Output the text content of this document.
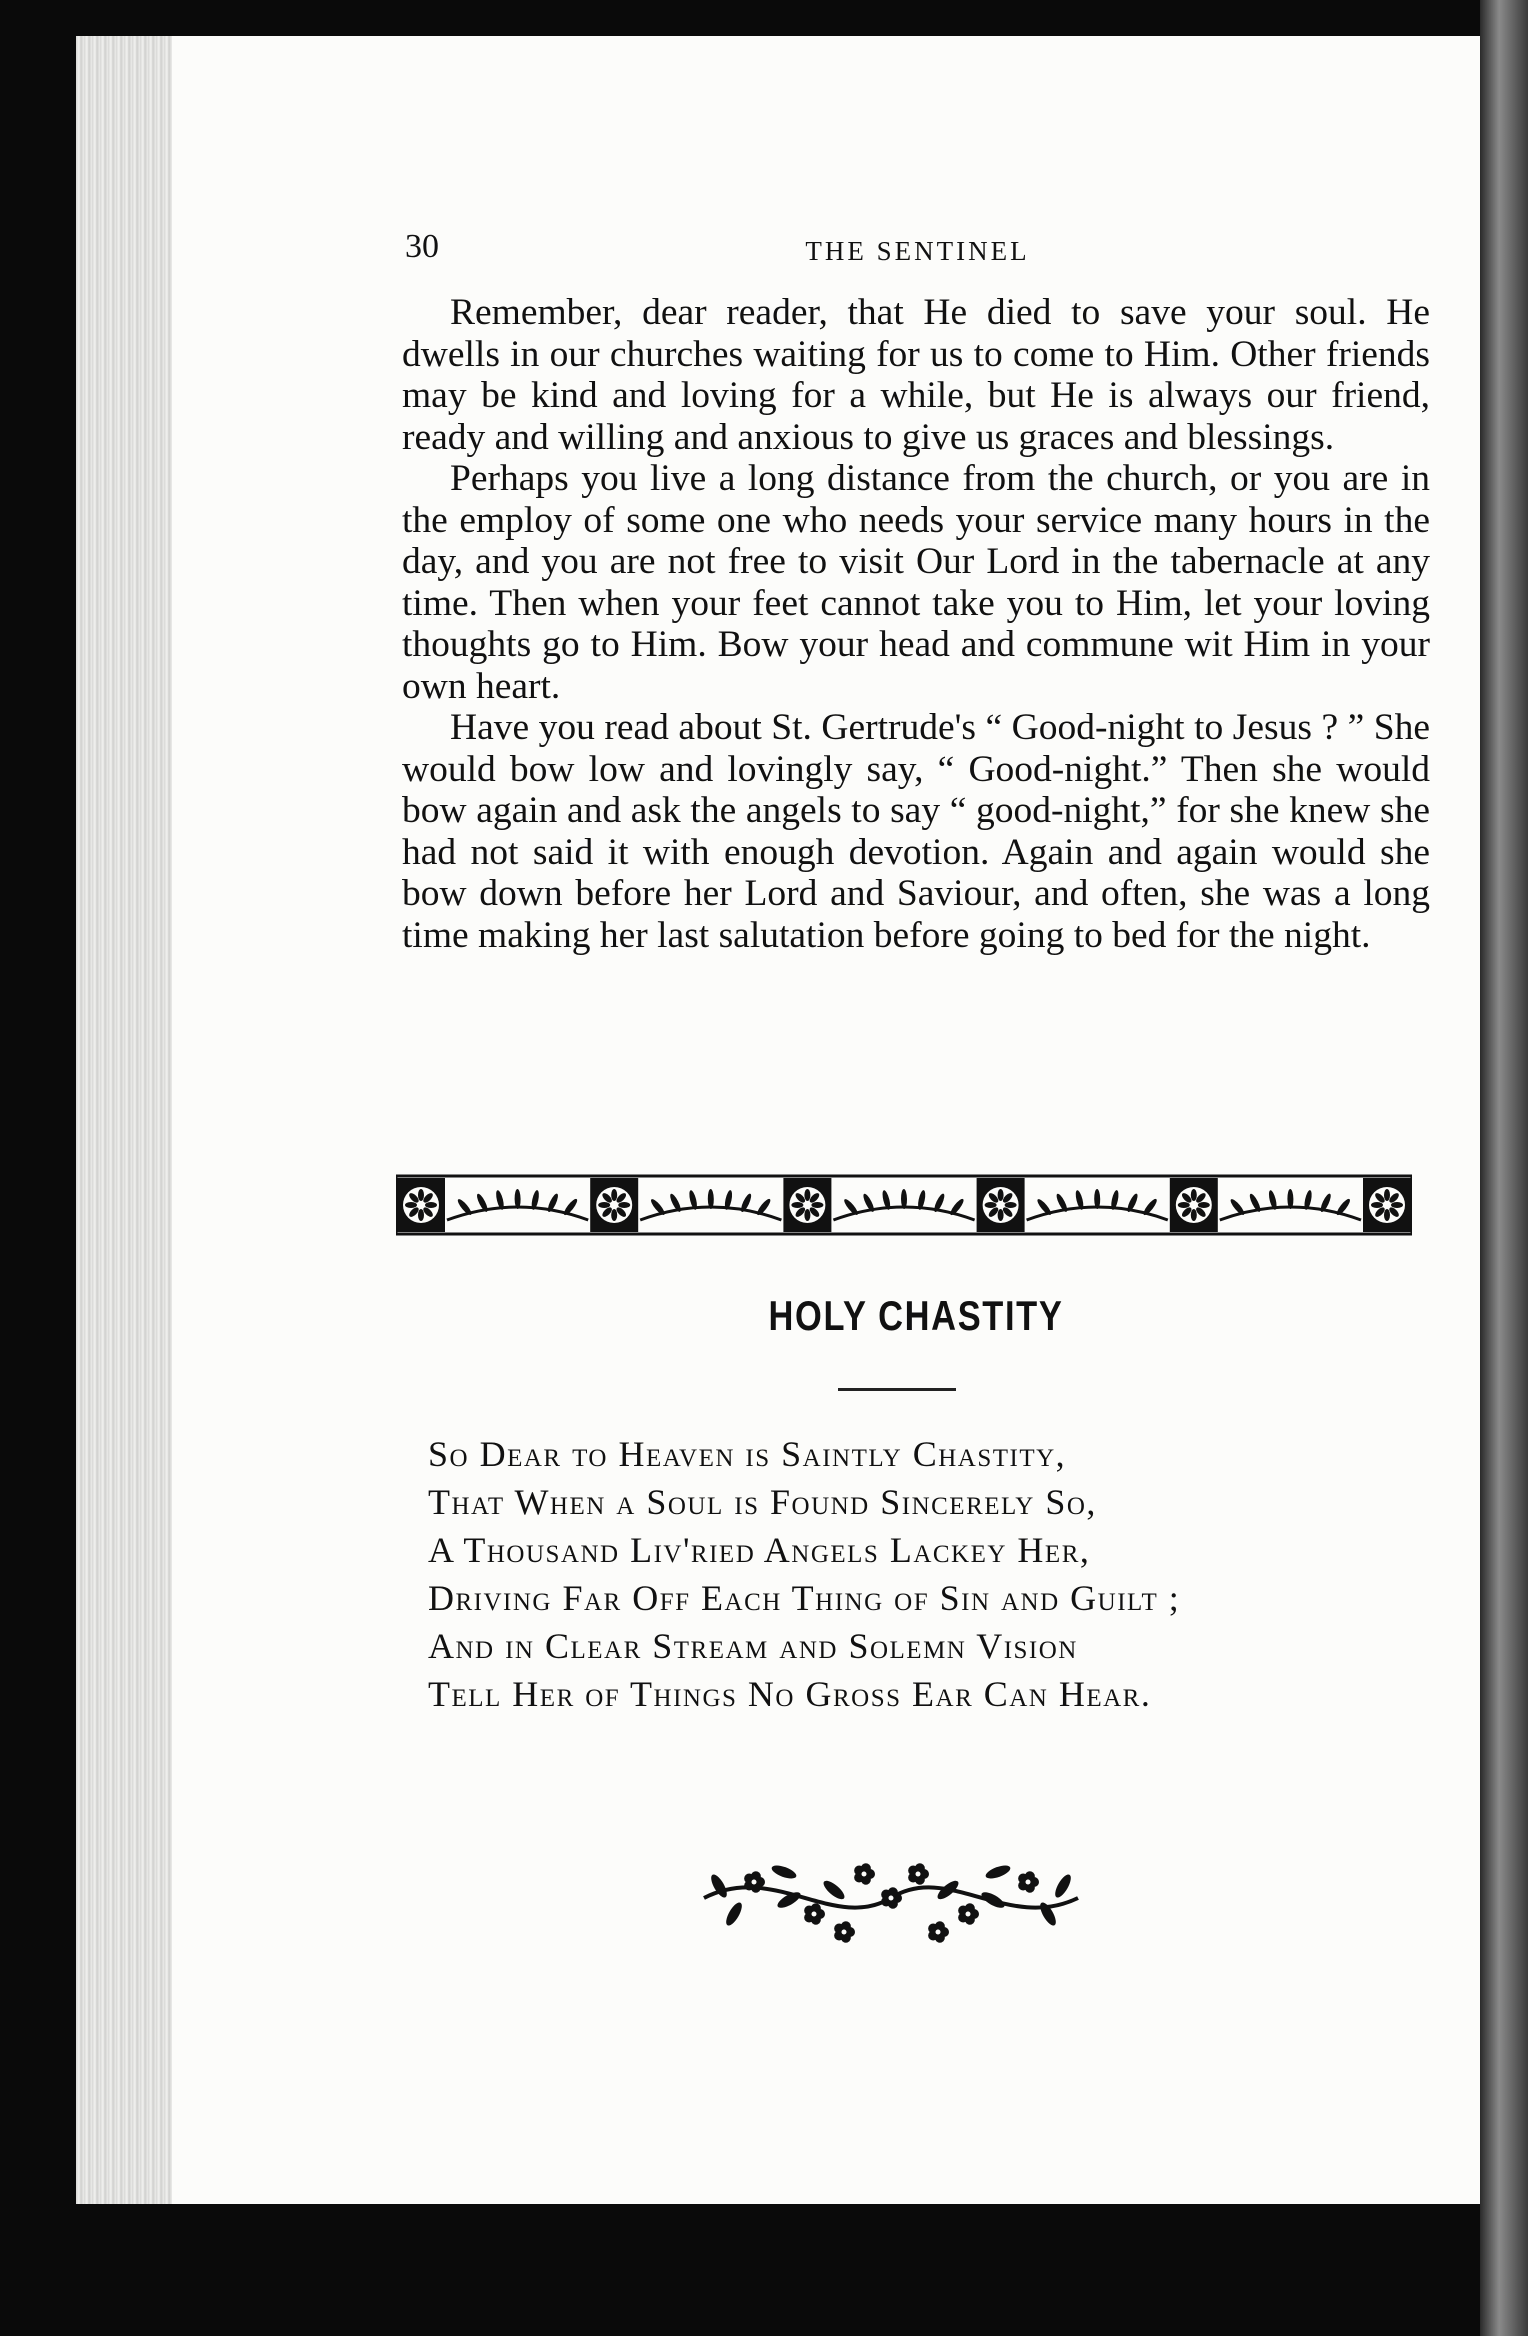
30	THE SENTINEL

Remember, dear reader, that He died to save your soul. He dwells in our churches waiting for us to come to Him. Other friends may be kind and loving for a while, but He is always our friend, ready and willing and anxious to give us graces and blessings.

Perhaps you live a long distance from the church, or you are in the employ of some one who needs your service many hours in the day, and you are not free to visit Our Lord in the tabernacle at any time. Then when your feet cannot take you to Him, let your loving thoughts go to Him. Bow your head and commune wit Him in your own heart.

Have you read about St. Gertrude's “ Good-night to Jesus ? ” She would bow low and lovingly say, “ Good-night.” Then she would bow again and ask the angels to say “ good-night,” for she knew she had not said it with enough devotion. Again and again would she bow down before her Lord and Saviour, and often, she was a long time making her last salutation before going to bed for the night.

HOLY CHASTITY
So Dear to Heaven is Saintly Chastity,
That When a Soul is Found Sincerely So,
A Thousand Liv'ried Angels Lackey Her,
Driving Far Off Each Thing of Sin and Guilt ;
And in Clear Stream and Solemn Vision
Tell Her of Things No Gross Ear Can Hear.
